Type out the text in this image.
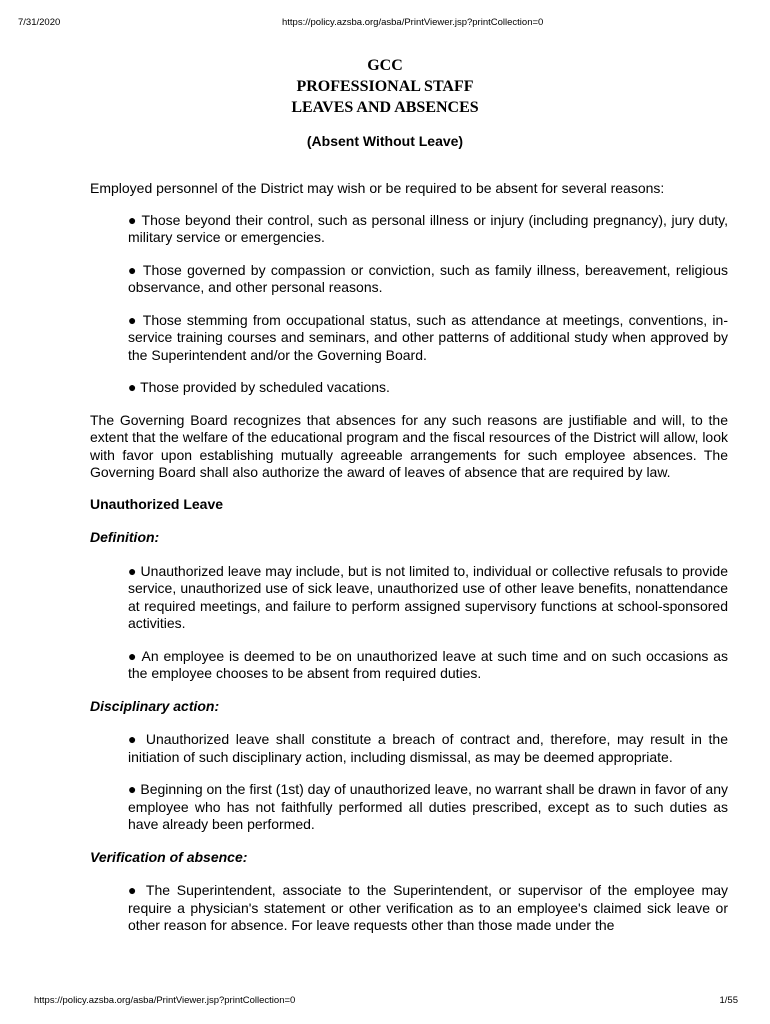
7/31/2020	https://policy.azsba.org/asba/PrintViewer.jsp?printCollection=0
GCC
PROFESSIONAL STAFF
LEAVES AND ABSENCES
(Absent Without Leave)

Employed personnel of the District may wish or be required to be absent for several reasons:

● Those beyond their control, such as personal illness or injury (including pregnancy), jury duty, military service or emergencies.

● Those governed by compassion or conviction, such as family illness, bereavement, religious observance, and other personal reasons.

● Those stemming from occupational status, such as attendance at meetings, conventions, in-service training courses and seminars, and other patterns of additional study when approved by the Superintendent and/or the Governing Board.

● Those provided by scheduled vacations.

The Governing Board recognizes that absences for any such reasons are justifiable and will, to the extent that the welfare of the educational program and the fiscal resources of the District will allow, look with favor upon establishing mutually agreeable arrangements for such employee absences. The Governing Board shall also authorize the award of leaves of absence that are required by law.

Unauthorized Leave

Definition:

● Unauthorized leave may include, but is not limited to, individual or collective refusals to provide service, unauthorized use of sick leave, unauthorized use of other leave benefits, nonattendance at required meetings, and failure to perform assigned supervisory functions at school-sponsored activities.

● An employee is deemed to be on unauthorized leave at such time and on such occasions as the employee chooses to be absent from required duties.

Disciplinary action:

● Unauthorized leave shall constitute a breach of contract and, therefore, may result in the initiation of such disciplinary action, including dismissal, as may be deemed appropriate.

● Beginning on the first (1st) day of unauthorized leave, no warrant shall be drawn in favor of any employee who has not faithfully performed all duties prescribed, except as to such duties as have already been performed.

Verification of absence:

● The Superintendent, associate to the Superintendent, or supervisor of the employee may require a physician's statement or other verification as to an employee's claimed sick leave or other reason for absence. For leave requests other than those made under the

https://policy.azsba.org/asba/PrintViewer.jsp?printCollection=0	1/55
